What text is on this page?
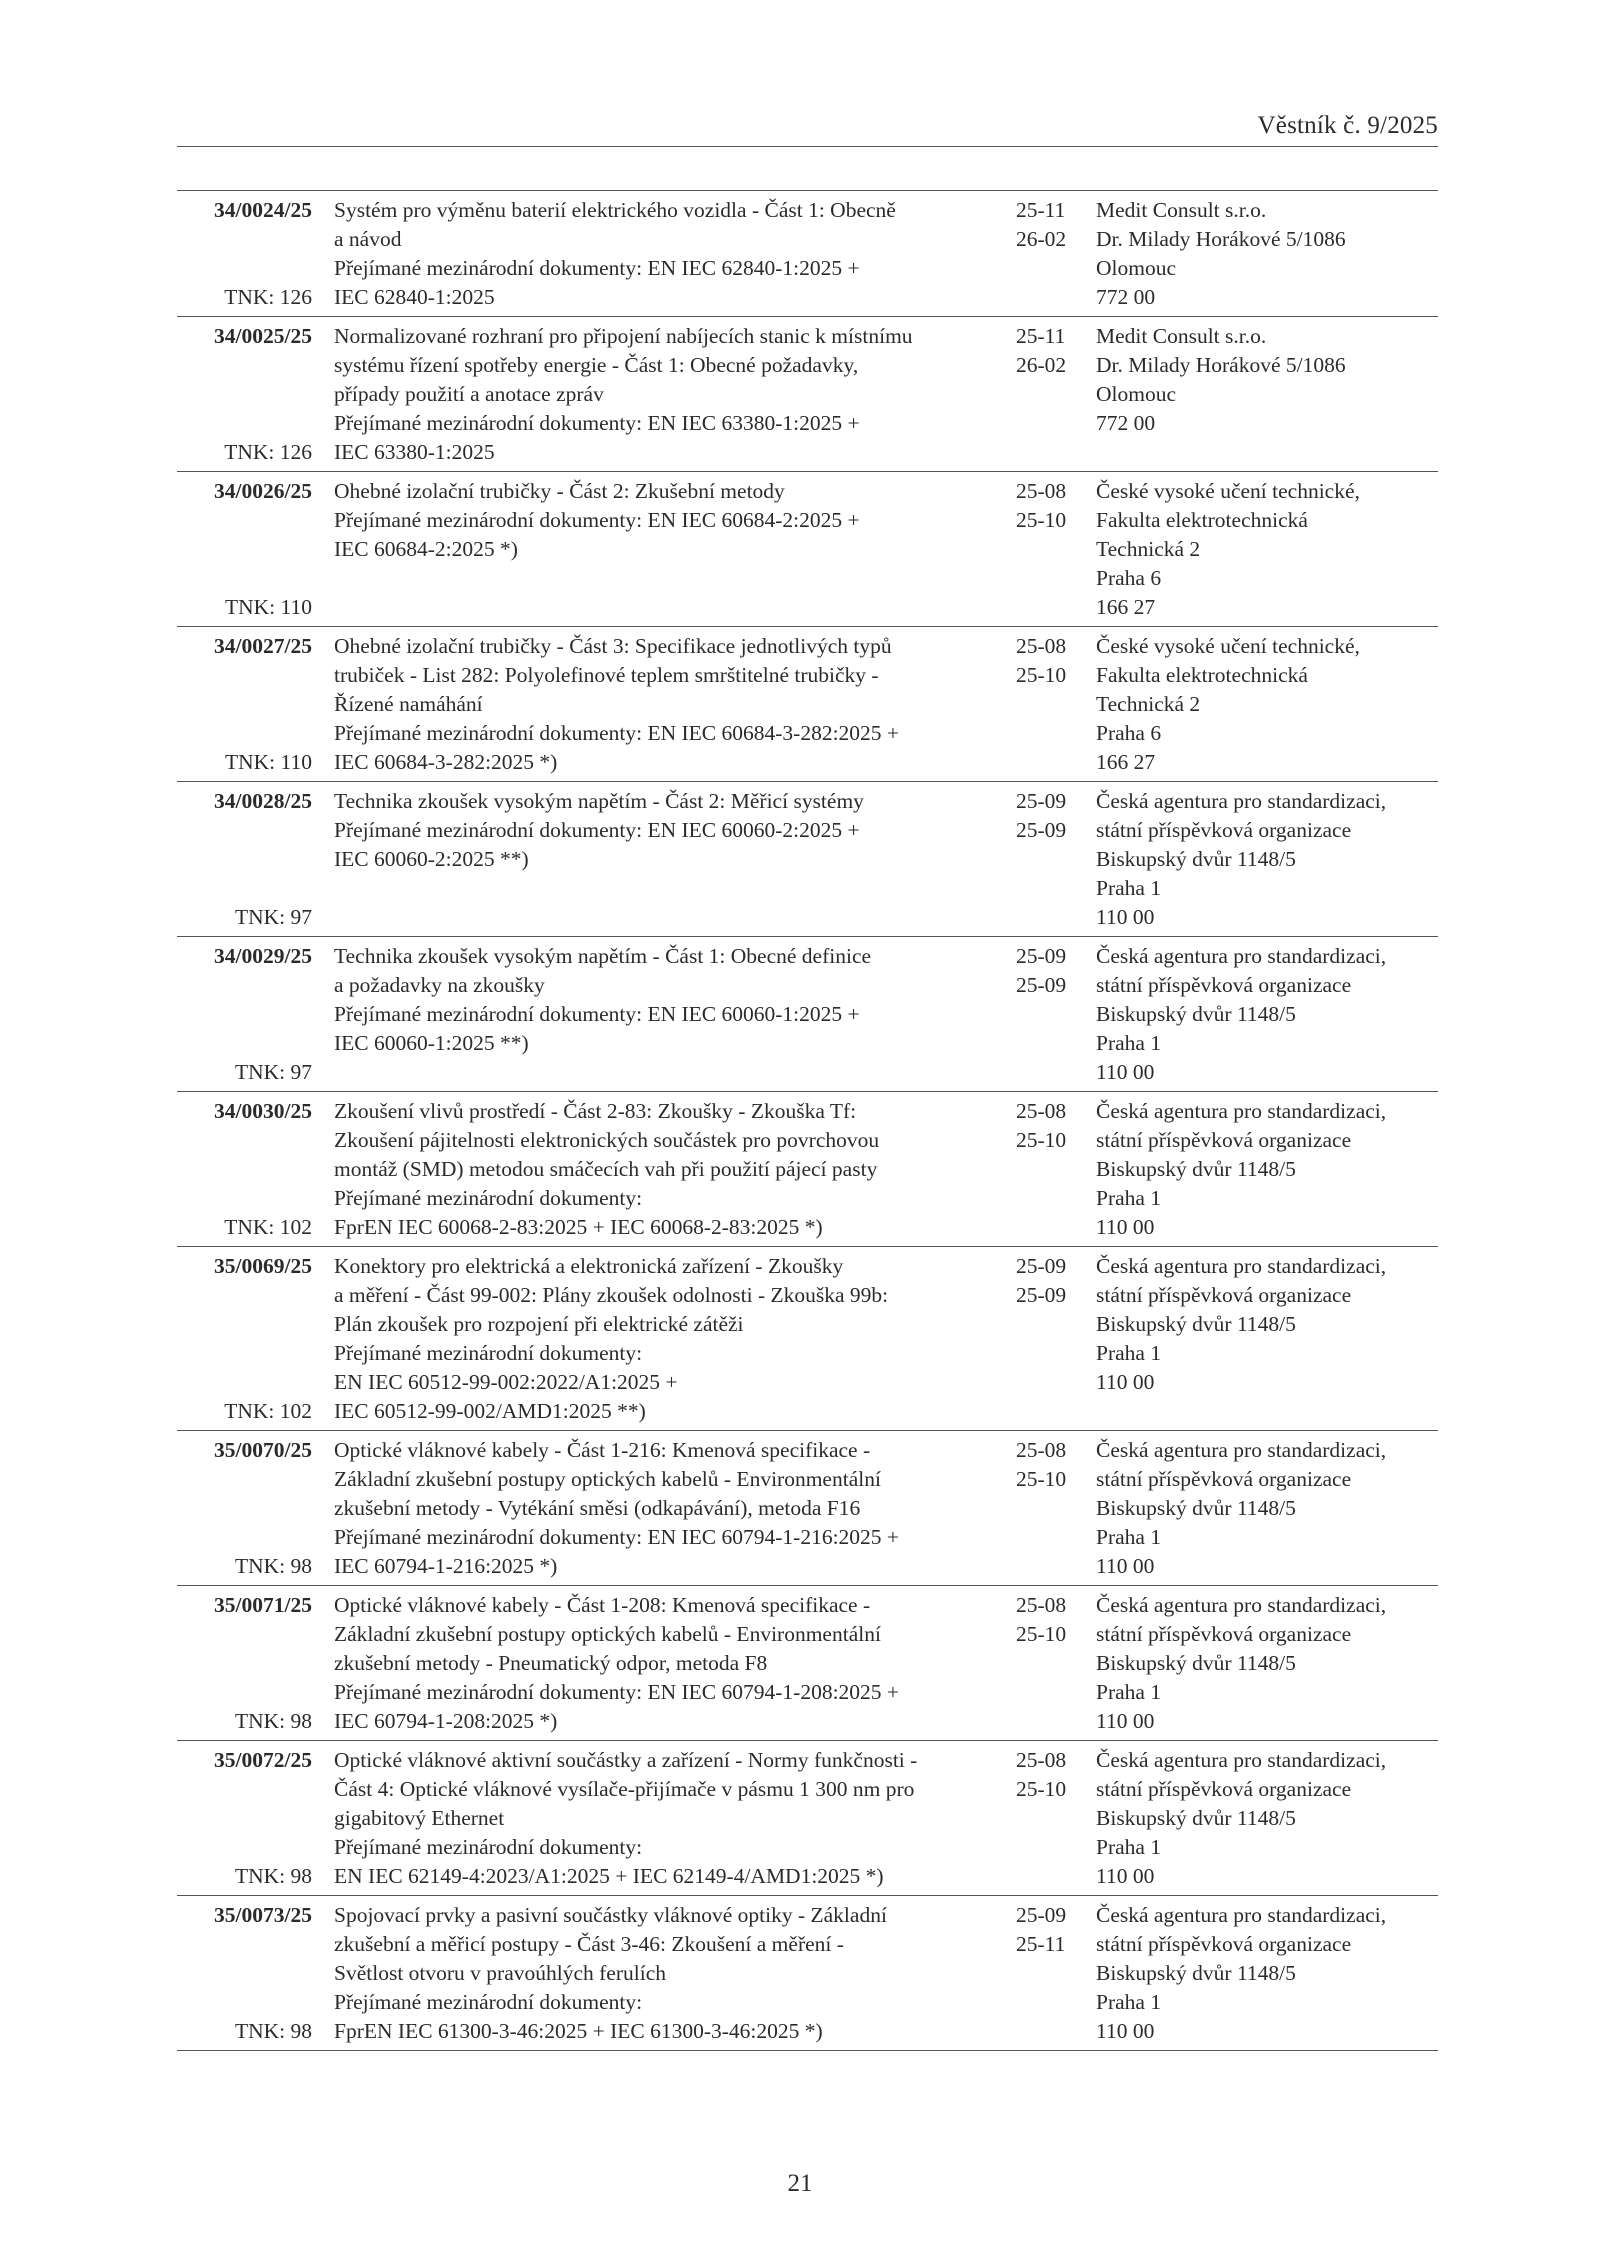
Věstník č. 9/2025
34/0024/25
TNK: 126
Systém pro výměnu baterií elektrického vozidla - Část 1: Obecně
a návod
Přejímané mezinárodní dokumenty: EN IEC 62840-1:2025 +
IEC 62840-1:2025
25-11
26-02
Medit Consult s.r.o.
Dr. Milady Horákové 5/1086
Olomouc
772 00
34/0025/25
TNK: 126
Normalizované rozhraní pro připojení nabíjecích stanic k místnímu
systému řízení spotřeby energie - Část 1: Obecné požadavky,
případy použití a anotace zpráv
Přejímané mezinárodní dokumenty: EN IEC 63380-1:2025 +
IEC 63380-1:2025
25-11
26-02
Medit Consult s.r.o.
Dr. Milady Horákové 5/1086
Olomouc
772 00
34/0026/25
TNK: 110
Ohebné izolační trubičky - Část 2: Zkušební metody
Přejímané mezinárodní dokumenty: EN IEC 60684-2:2025 +
IEC 60684-2:2025 *)
25-08
25-10
České vysoké učení technické,
Fakulta elektrotechnická
Technická 2
Praha 6
166 27
34/0027/25
TNK: 110
Ohebné izolační trubičky - Část 3: Specifikace jednotlivých typů
trubiček - List 282: Polyolefinové teplem smrštitelné trubičky -
Řízené namáhání
Přejímané mezinárodní dokumenty: EN IEC 60684-3-282:2025 +
IEC 60684-3-282:2025 *)
25-08
25-10
České vysoké učení technické,
Fakulta elektrotechnická
Technická 2
Praha 6
166 27
34/0028/25
TNK: 97
Technika zkoušek vysokým napětím - Část 2: Měřicí systémy
Přejímané mezinárodní dokumenty: EN IEC 60060-2:2025 +
IEC 60060-2:2025 **)
25-09
25-09
Česká agentura pro standardizaci,
státní příspěvková organizace
Biskupský dvůr 1148/5
Praha 1
110 00
34/0029/25
TNK: 97
Technika zkoušek vysokým napětím - Část 1: Obecné definice
a požadavky na zkoušky
Přejímané mezinárodní dokumenty: EN IEC 60060-1:2025 +
IEC 60060-1:2025 **)
25-09
25-09
Česká agentura pro standardizaci,
státní příspěvková organizace
Biskupský dvůr 1148/5
Praha 1
110 00
34/0030/25
TNK: 102
Zkoušení vlivů prostředí - Část 2-83: Zkoušky - Zkouška Tf:
Zkoušení pájitelnosti elektronických součástek pro povrchovou
montáž (SMD) metodou smáčecích vah při použití pájecí pasty
Přejímané mezinárodní dokumenty:
FprEN IEC 60068-2-83:2025 + IEC 60068-2-83:2025 *)
25-08
25-10
Česká agentura pro standardizaci,
státní příspěvková organizace
Biskupský dvůr 1148/5
Praha 1
110 00
35/0069/25
TNK: 102
Konektory pro elektrická a elektronická zařízení - Zkoušky
a měření - Část 99-002: Plány zkoušek odolnosti - Zkouška 99b:
Plán zkoušek pro rozpojení při elektrické zátěži
Přejímané mezinárodní dokumenty:
EN IEC 60512-99-002:2022/A1:2025 +
IEC 60512-99-002/AMD1:2025 **)
25-09
25-09
Česká agentura pro standardizaci,
státní příspěvková organizace
Biskupský dvůr 1148/5
Praha 1
110 00
35/0070/25
TNK: 98
Optické vláknové kabely - Část 1-216: Kmenová specifikace -
Základní zkušební postupy optických kabelů - Environmentální
zkušební metody - Vytékání směsi (odkapávání), metoda F16
Přejímané mezinárodní dokumenty: EN IEC 60794-1-216:2025 +
IEC 60794-1-216:2025 *)
25-08
25-10
Česká agentura pro standardizaci,
státní příspěvková organizace
Biskupský dvůr 1148/5
Praha 1
110 00
35/0071/25
TNK: 98
Optické vláknové kabely - Část 1-208: Kmenová specifikace -
Základní zkušební postupy optických kabelů - Environmentální
zkušební metody - Pneumatický odpor, metoda F8
Přejímané mezinárodní dokumenty: EN IEC 60794-1-208:2025 +
IEC 60794-1-208:2025 *)
25-08
25-10
Česká agentura pro standardizaci,
státní příspěvková organizace
Biskupský dvůr 1148/5
Praha 1
110 00
35/0072/25
TNK: 98
Optické vláknové aktivní součástky a zařízení - Normy funkčnosti -
Část 4: Optické vláknové vysílače-přijímače v pásmu 1 300 nm pro
gigabitový Ethernet
Přejímané mezinárodní dokumenty:
EN IEC 62149-4:2023/A1:2025 + IEC 62149-4/AMD1:2025 *)
25-08
25-10
Česká agentura pro standardizaci,
státní příspěvková organizace
Biskupský dvůr 1148/5
Praha 1
110 00
35/0073/25
TNK: 98
Spojovací prvky a pasivní součástky vláknové optiky - Základní
zkušební a měřicí postupy - Část 3-46: Zkoušení a měření -
Světlost otvoru v pravoúhlých ferulích
Přejímané mezinárodní dokumenty:
FprEN IEC 61300-3-46:2025 + IEC 61300-3-46:2025 *)
25-09
25-11
Česká agentura pro standardizaci,
státní příspěvková organizace
Biskupský dvůr 1148/5
Praha 1
110 00
21
